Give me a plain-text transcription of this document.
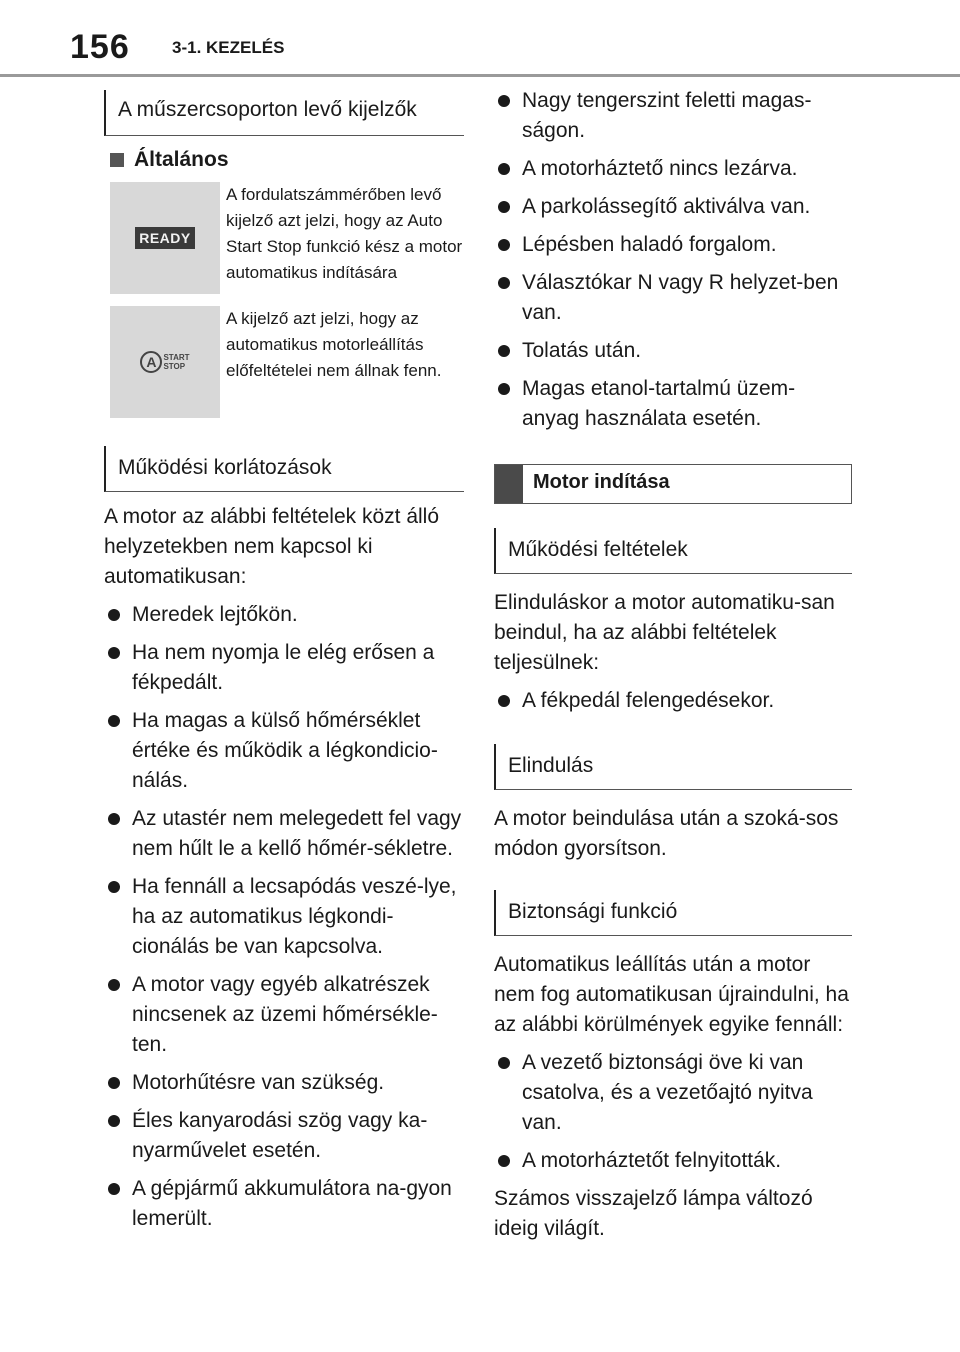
156 3-1. KEZELÉS
A műszercsoporton levő kijelzők
Általános
READY
A fordulatszámmérőben levő kijelző azt jelzi, hogy az Auto Start Stop funkció kész a motor automatikus indítására
A START
STOP
A kijelző azt jelzi, hogy az automatikus motorleállítás előfeltételei nem állnak fenn.
Működési korlátozások
A motor az alábbi feltételek közt álló helyzetekben nem kapcsol ki automatikusan:
Meredek lejtőkön.
Ha nem nyomja le elég erősen a fékpedált.
Ha magas a külső hőmérséklet értéke és működik a légkondicio-nálás.
Az utastér nem melegedett fel vagy nem hűlt le a kellő hőmér-sékletre.
Ha fennáll a lecsapódás veszé-lye, ha az automatikus légkondi-cionálás be van kapcsolva.
A motor vagy egyéb alkatrészek nincsenek az üzemi hőmérsékle-ten.
Motorhűtésre van szükség.
Éles kanyarodási szög vagy ka-nyarművelet esetén.
A gépjármű akkumulátora na-gyon lemerült.
Nagy tengerszint feletti magas-ságon.
A motorháztető nincs lezárva.
A parkolássegítő aktiválva van.
Lépésben haladó forgalom.
Választókar N vagy R helyzet-ben van.
Tolatás után.
Magas etanol-tartalmú üzem-anyag használata esetén.
Motor indítása
Működési feltételek
Elinduláskor a motor automatiku-san beindul, ha az alábbi feltételek teljesülnek:
A fékpedál felengedésekor.
Elindulás
A motor beindulása után a szoká-sos módon gyorsítson.
Biztonsági funkció
Automatikus leállítás után a motor nem fog automatikusan újraindulni, ha az alábbi körülmények egyike fennáll:
A vezető biztonsági öve ki van csatolva, és a vezetőajtó nyitva van.
A motorháztetőt felnyitották.
Számos visszajelző lámpa változó ideig világít.
